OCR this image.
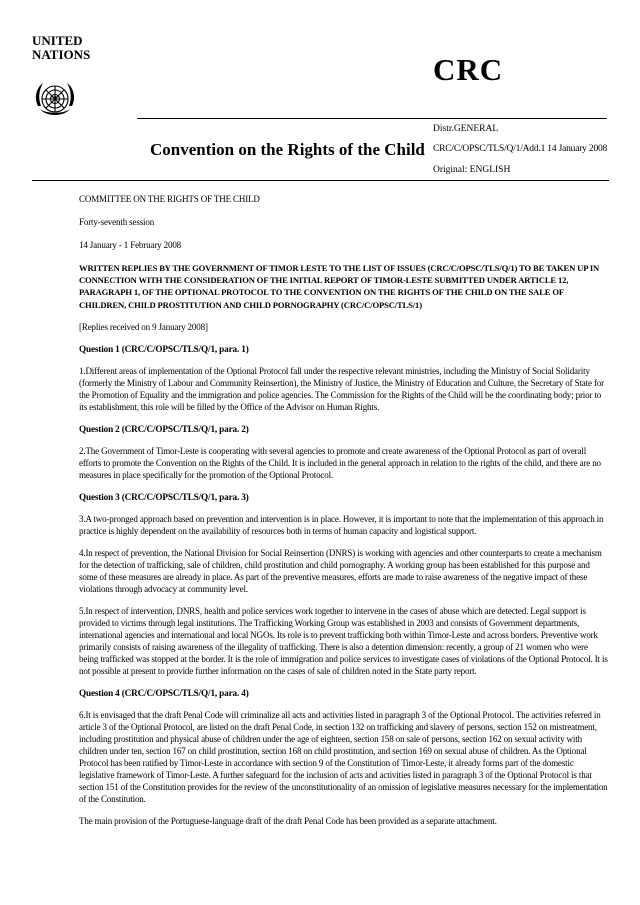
UNITED
NATIONS	CRC
Distr.GENERAL
Convention on the Rights of the Child CRC/C/OPSC/TLS/Q/1/Add.1 14 January 2008
Original: ENGLISH

COMMITTEE ON THE RIGHTS OF THE CHILD

Forty-seventh session

14 January - 1 February 2008

WRITTEN REPLIES BY THE GOVERNMENT OF TIMOR LESTE TO THE LIST OF ISSUES (CRC/C/OPSC/TLS/Q/1) TO BE TAKEN UP IN CONNECTION WITH THE CONSIDERATION OF THE INITIAL REPORT OF TIMOR-LESTE SUBMITTED UNDER ARTICLE 12, PARAGRAPH 1, OF THE OPTIONAL PROTOCOL TO THE CONVENTION ON THE RIGHTS OF THE CHILD ON THE SALE OF CHILDREN, CHILD PROSTITUTION AND CHILD PORNOGRAPHY (CRC/C/OPSC/TLS/1)

[Replies received on 9 January 2008]

Question 1 (CRC/C/OPSC/TLS/Q/1, para. 1)

1.Different areas of implementation of the Optional Protocol fall under the respective relevant ministries, including the Ministry of Social Solidarity (formerly the Ministry of Labour and Community Reinsertion), the Ministry of Justice, the Ministry of Education and Culture, the Secretary of State for the Promotion of Equality and the immigration and police agencies. The Commission for the Rights of the Child will be the coordinating body; prior to its establishment, this role will be filled by the Office of the Advisor on Human Rights.

Question 2 (CRC/C/OPSC/TLS/Q/1, para. 2)

2.The Government of Timor-Leste is cooperating with several agencies to promote and create awareness of the Optional Protocol as part of overall efforts to promote the Convention on the Rights of the Child. It is included in the general approach in relation to the rights of the child, and there are no measures in place specifically for the promotion of the Optional Protocol.

Question 3 (CRC/C/OPSC/TLS/Q/1, para. 3)

3.A two-pronged approach based on prevention and intervention is in place. However, it is important to note that the implementation of this approach in practice is highly dependent on the availability of resources both in terms of human capacity and logistical support.

4.In respect of prevention, the National Division for Social Reinsertion (DNRS) is working with agencies and other counterparts to create a mechanism for the detection of trafficking, sale of children, child prostitution and child pornography. A working group has been established for this purpose and some of these measures are already in place. As part of the preventive measures, efforts are made to raise awareness of the negative impact of these violations through advocacy at community level.

5.In respect of intervention, DNRS, health and police services work together to intervene in the cases of abuse which are detected. Legal support is provided to victims through legal institutions. The Trafficking Working Group was established in 2003 and consists of Government departments, international agencies and international and local NGOs. Its role is to prevent trafficking both within Timor-Leste and across borders. Preventive work primarily consists of raising awareness of the illegality of trafficking. There is also a detention dimension: recently, a group of 21 women who were being trafficked was stopped at the border. It is the role of immigration and police services to investigate cases of violations of the Optional Protocol. It is not possible at present to provide further information on the cases of sale of children noted in the State party report.

Question 4 (CRC/C/OPSC/TLS/Q/1, para. 4)

6.It is envisaged that the draft Penal Code will criminalize all acts and activities listed in paragraph 3 of the Optional Protocol. The activities referred in article 3 of the Optional Protocol, are listed on the draft Penal Code, in section 132 on trafficking and slavery of persons, section 152 on mistreatment, including prostitution and physical abuse of children under the age of eighteen, section 158 on sale of persons, section 162 on sexual activity with children under ten, section 167 on child prostitution, section 168 on child prostitution, and section 169 on sexual abuse of children. As the Optional Protocol has been ratified by Timor-Leste in accordance with section 9 of the Constitution of Timor-Leste, it already forms part of the domestic legislative framework of Timor-Leste. A further safeguard for the inclusion of acts and activities listed in paragraph 3 of the Optional Protocol is that section 151 of the Constitution provides for the review of the unconstitutionality of an omission of legislative measures necessary for the implementation of the Constitution.

The main provision of the Portuguese-language draft of the draft Penal Code has been provided as a separate attachment.
